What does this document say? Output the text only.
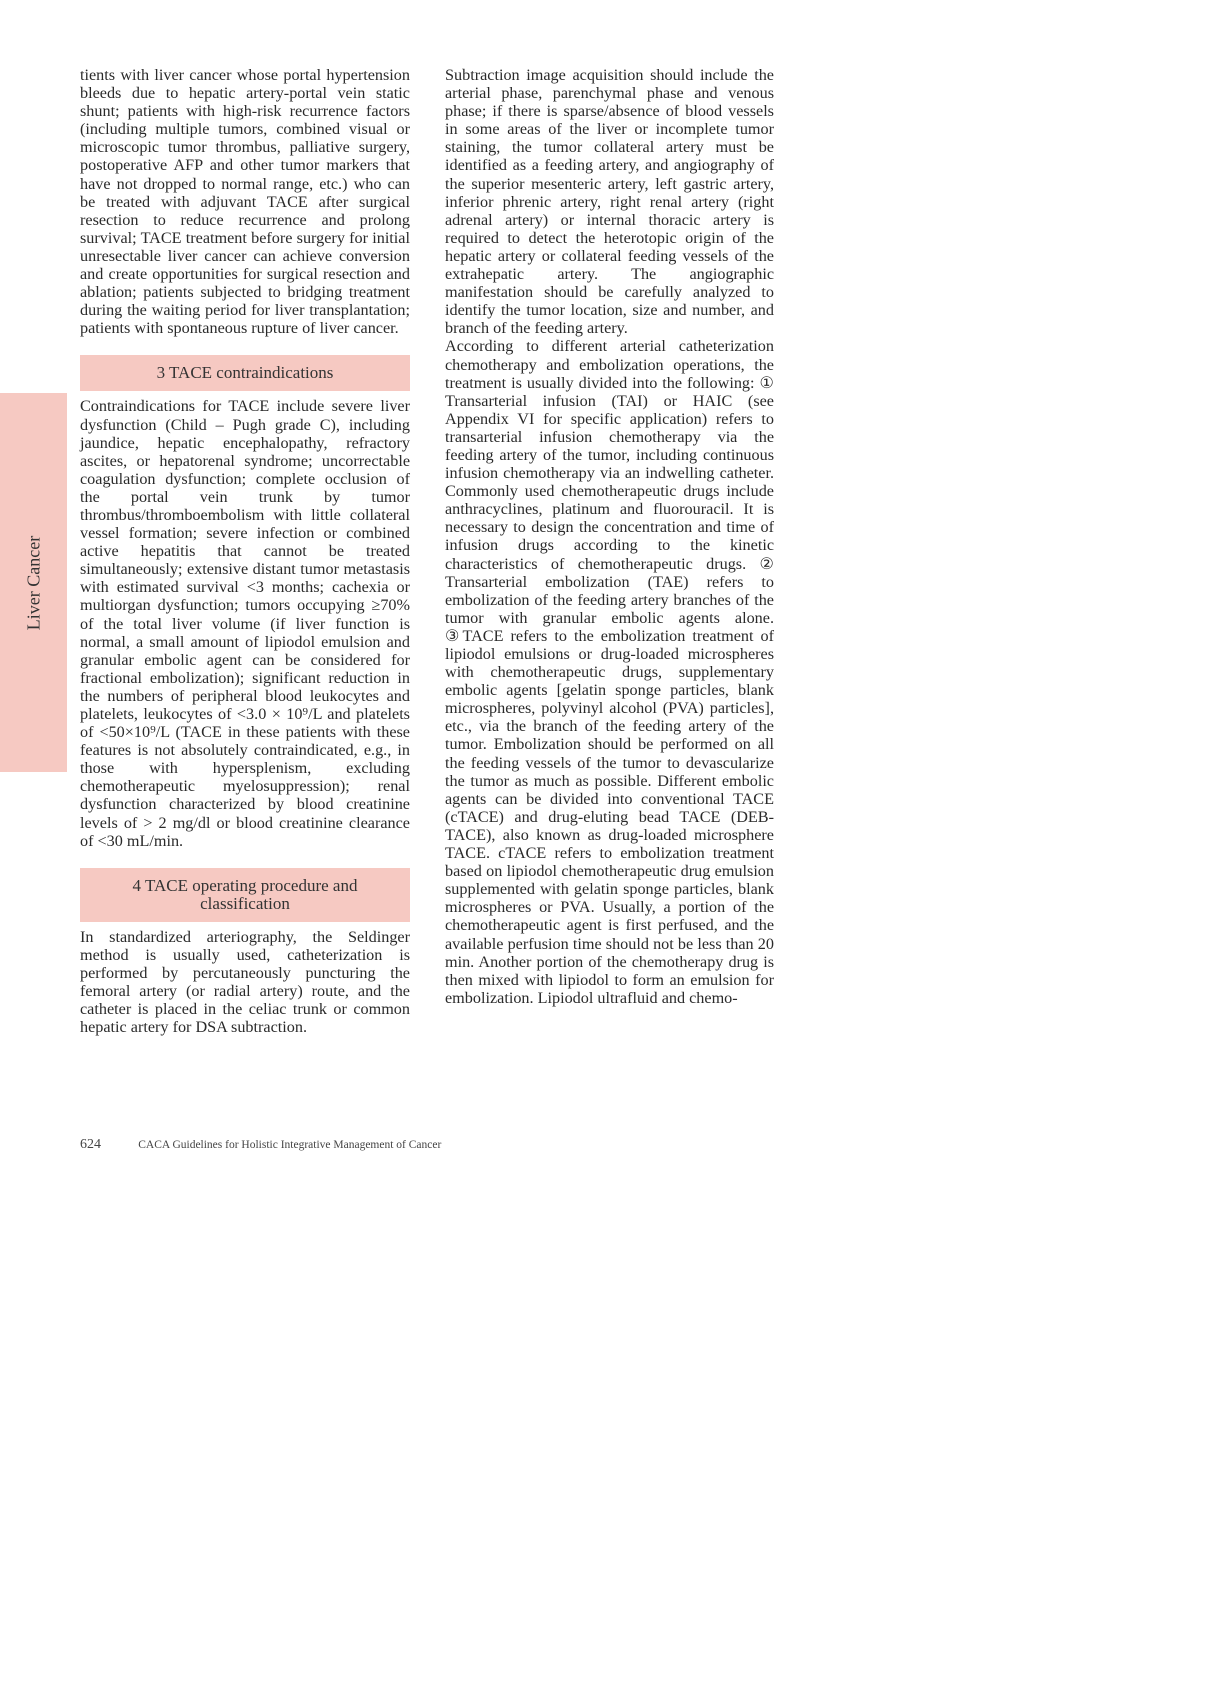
Liver Cancer

tients with liver cancer whose portal hypertension bleeds due to hepatic artery-portal vein static shunt; patients with high-risk recurrence factors (including multiple tumors, combined visual or microscopic tumor thrombus, palliative surgery, postoperative AFP and other tumor markers that have not dropped to normal range, etc.) who can be treated with adjuvant TACE after surgical resection to reduce recurrence and prolong survival; TACE treatment before surgery for initial unresectable liver cancer can achieve conversion and create opportunities for surgical resection and ablation; patients subjected to bridging treatment during the waiting period for liver transplantation; patients with spontaneous rupture of liver cancer.

3 TACE contraindications

Contraindications for TACE include severe liver dysfunction (Child – Pugh grade C), including jaundice, hepatic encephalopathy, refractory ascites, or hepatorenal syndrome; uncorrectable coagulation dysfunction; complete occlusion of the portal vein trunk by tumor thrombus/thromboembolism with little collateral vessel formation; severe infection or combined active hepatitis that cannot be treated simultaneously; extensive distant tumor metastasis with estimated survival <3 months; cachexia or multiorgan dysfunction; tumors occupying ≥70% of the total liver volume (if liver function is normal, a small amount of lipiodol emulsion and granular embolic agent can be considered for fractional embolization); significant reduction in the numbers of peripheral blood leukocytes and platelets, leukocytes of <3.0 × 10⁹/L and platelets of <50×10⁹/L (TACE in these patients with these features is not absolutely contraindicated, e.g., in those with hypersplenism, excluding chemotherapeutic myelosuppression); renal dysfunction characterized by blood creatinine levels of > 2 mg/dl or blood creatinine clearance of <30 mL/min.

4 TACE operating procedure and classification

In standardized arteriography, the Seldinger method is usually used, catheterization is performed by percutaneously puncturing the femoral artery (or radial artery) route, and the catheter is placed in the celiac trunk or common hepatic artery for DSA subtraction.

Subtraction image acquisition should include the arterial phase, parenchymal phase and venous phase; if there is sparse/absence of blood vessels in some areas of the liver or incomplete tumor staining, the tumor collateral artery must be identified as a feeding artery, and angiography of the superior mesenteric artery, left gastric artery, inferior phrenic artery, right renal artery (right adrenal artery) or internal thoracic artery is required to detect the heterotopic origin of the hepatic artery or collateral feeding vessels of the extrahepatic artery. The angiographic manifestation should be carefully analyzed to identify the tumor location, size and number, and branch of the feeding artery.

According to different arterial catheterization chemotherapy and embolization operations, the treatment is usually divided into the following: ① Transarterial infusion (TAI) or HAIC (see Appendix VI for specific application) refers to transarterial infusion chemotherapy via the feeding artery of the tumor, including continuous infusion chemotherapy via an indwelling catheter. Commonly used chemotherapeutic drugs include anthracyclines, platinum and fluorouracil. It is necessary to design the concentration and time of infusion drugs according to the kinetic characteristics of chemotherapeutic drugs. ② Transarterial embolization (TAE) refers to embolization of the feeding artery branches of the tumor with granular embolic agents alone. ③TACE refers to the embolization treatment of lipiodol emulsions or drug-loaded microspheres with chemotherapeutic drugs, supplementary embolic agents [gelatin sponge particles, blank microspheres, polyvinyl alcohol (PVA) particles], etc., via the branch of the feeding artery of the tumor. Embolization should be performed on all the feeding vessels of the tumor to devascularize the tumor as much as possible. Different embolic agents can be divided into conventional TACE (cTACE) and drug-eluting bead TACE (DEB-TACE), also known as drug-loaded microsphere TACE. cTACE refers to embolization treatment based on lipiodol chemotherapeutic drug emulsion supplemented with gelatin sponge particles, blank microspheres or PVA. Usually, a portion of the chemotherapeutic agent is first perfused, and the available perfusion time should not be less than 20 min. Another portion of the chemotherapy drug is then mixed with lipiodol to form an emulsion for embolization. Lipiodol ultrafluid and chemo-

624	CACA Guidelines for Holistic Integrative Management of Cancer
